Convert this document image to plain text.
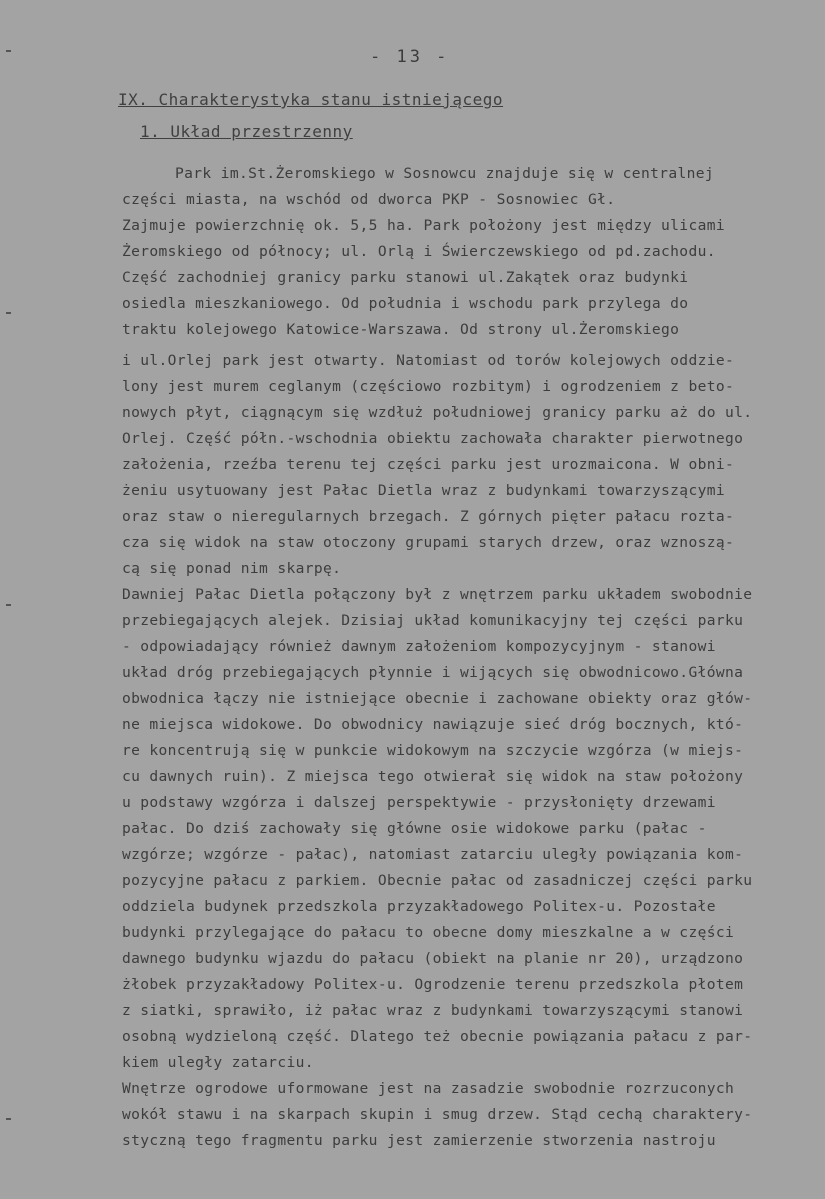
- 13 -
IX. Charakterystyka stanu istniejącego
1. Układ przestrzenny
Park im.St.Żeromskiego w Sosnowcu znajduje się w centralnej
części miasta, na wschód od dworca PKP - Sosnowiec Gł.
Zajmuje powierzchnię ok. 5,5 ha. Park położony jest między ulicami
Żeromskiego od północy; ul. Orlą i Świerczewskiego od pd.zachodu.
Część zachodniej granicy parku stanowi ul.Zakątek oraz budynki
osiedla mieszkaniowego. Od południa i wschodu park przylega do
traktu kolejowego Katowice-Warszawa. Od strony ul.Żeromskiego
i ul.Orlej park jest otwarty. Natomiast od torów kolejowych oddzie-
lony jest murem ceglanym (częściowo rozbitym) i ogrodzeniem z beto-
nowych płyt, ciągnącym się wzdłuż południowej granicy parku aż do ul.
Orlej. Część półn.-wschodnia obiektu zachowała charakter pierwotnego
założenia, rzeźba terenu tej części parku jest urozmaicona. W obni-
żeniu usytuowany jest Pałac Dietla wraz z budynkami towarzyszącymi
oraz staw o nieregularnych brzegach. Z górnych pięter pałacu rozta-
cza się widok na staw otoczony grupami starych drzew, oraz wznoszą-
cą się ponad nim skarpę.
Dawniej Pałac Dietla połączony był z wnętrzem parku układem swobodnie
przebiegających alejek. Dzisiaj układ komunikacyjny tej części parku
- odpowiadający również dawnym założeniom kompozycyjnym - stanowi
układ dróg przebiegających płynnie i wijących się obwodnicowo.Główna
obwodnica łączy nie istniejące obecnie i zachowane obiekty oraz głów-
ne miejsca widokowe. Do obwodnicy nawiązuje sieć dróg bocznych, któ-
re koncentrują się w punkcie widokowym na szczycie wzgórza (w miejs-
cu dawnych ruin). Z miejsca tego otwierał się widok na staw położony
u podstawy wzgórza i dalszej perspektywie - przysłonięty drzewami
pałac. Do dziś zachowały się główne osie widokowe parku (pałac -
wzgórze; wzgórze - pałac), natomiast zatarciu uległy powiązania kom-
pozycyjne pałacu z parkiem. Obecnie pałac od zasadniczej części parku
oddziela budynek przedszkola przyzakładowego Politex-u. Pozostałe
budynki przylegające do pałacu to obecne domy mieszkalne a w części
dawnego budynku wjazdu do pałacu (obiekt na planie nr 20), urządzono
żłobek przyzakładowy Politex-u. Ogrodzenie terenu przedszkola płotem
z siatki, sprawiło, iż pałac wraz z budynkami towarzyszącymi stanowi
osobną wydzieloną część. Dlatego też obecnie powiązania pałacu z par-
kiem uległy zatarciu.
Wnętrze ogrodowe uformowane jest na zasadzie swobodnie rozrzuconych
wokół stawu i na skarpach skupin i smug drzew. Stąd cechą charaktery-
styczną tego fragmentu parku jest zamierzenie stworzenia nastroju
